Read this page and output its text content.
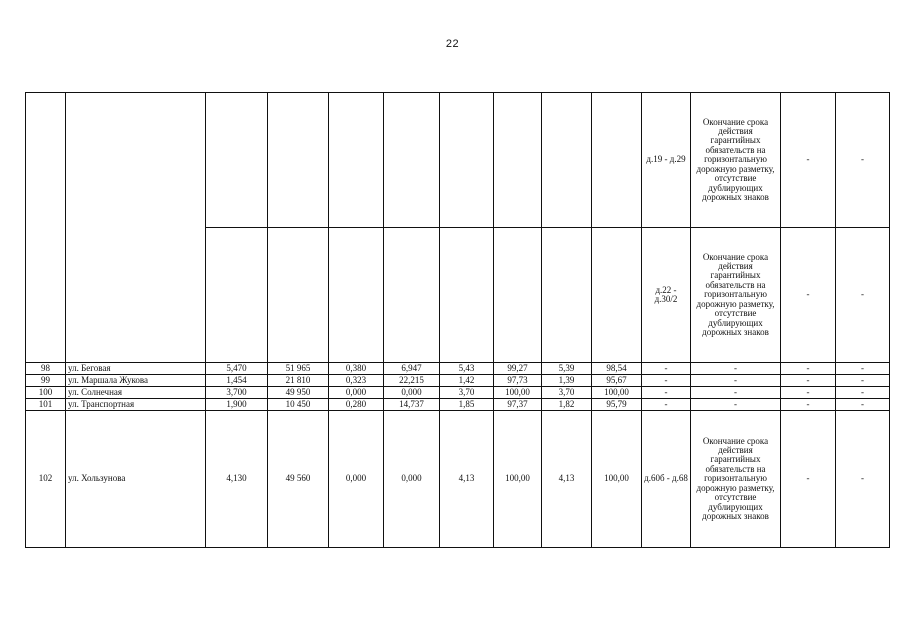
22
										д.19 - д.29	Окончание срока действия гарантийных обязательств на горизонтальную дорожную разметку, отсутствие дублирующих дорожных знаков	-	-
										д.22 - д.30/2	Окончание срока действия гарантийных обязательств на горизонтальную дорожную разметку, отсутствие дублирующих дорожных знаков	-	-
98	ул. Беговая	5,470	51 965	0,380	6,947	5,43	99,27	5,39	98,54	-	-	-	-
99	ул. Маршала Жукова	1,454	21 810	0,323	22,215	1,42	97,73	1,39	95,67	-	-	-	-
100	ул. Солнечная	3,700	49 950	0,000	0,000	3,70	100,00	3,70	100,00	-	-	-	-
101	ул. Транспортная	1,900	10 450	0,280	14,737	1,85	97,37	1,82	95,79	-	-	-	-
102	ул. Хользунова	4,130	49 560	0,000	0,000	4,13	100,00	4,13	100,00	д.60б - д.68	Окончание срока действия гарантийных обязательств на горизонтальную дорожную разметку, отсутствие дублирующих дорожных знаков	-	-
